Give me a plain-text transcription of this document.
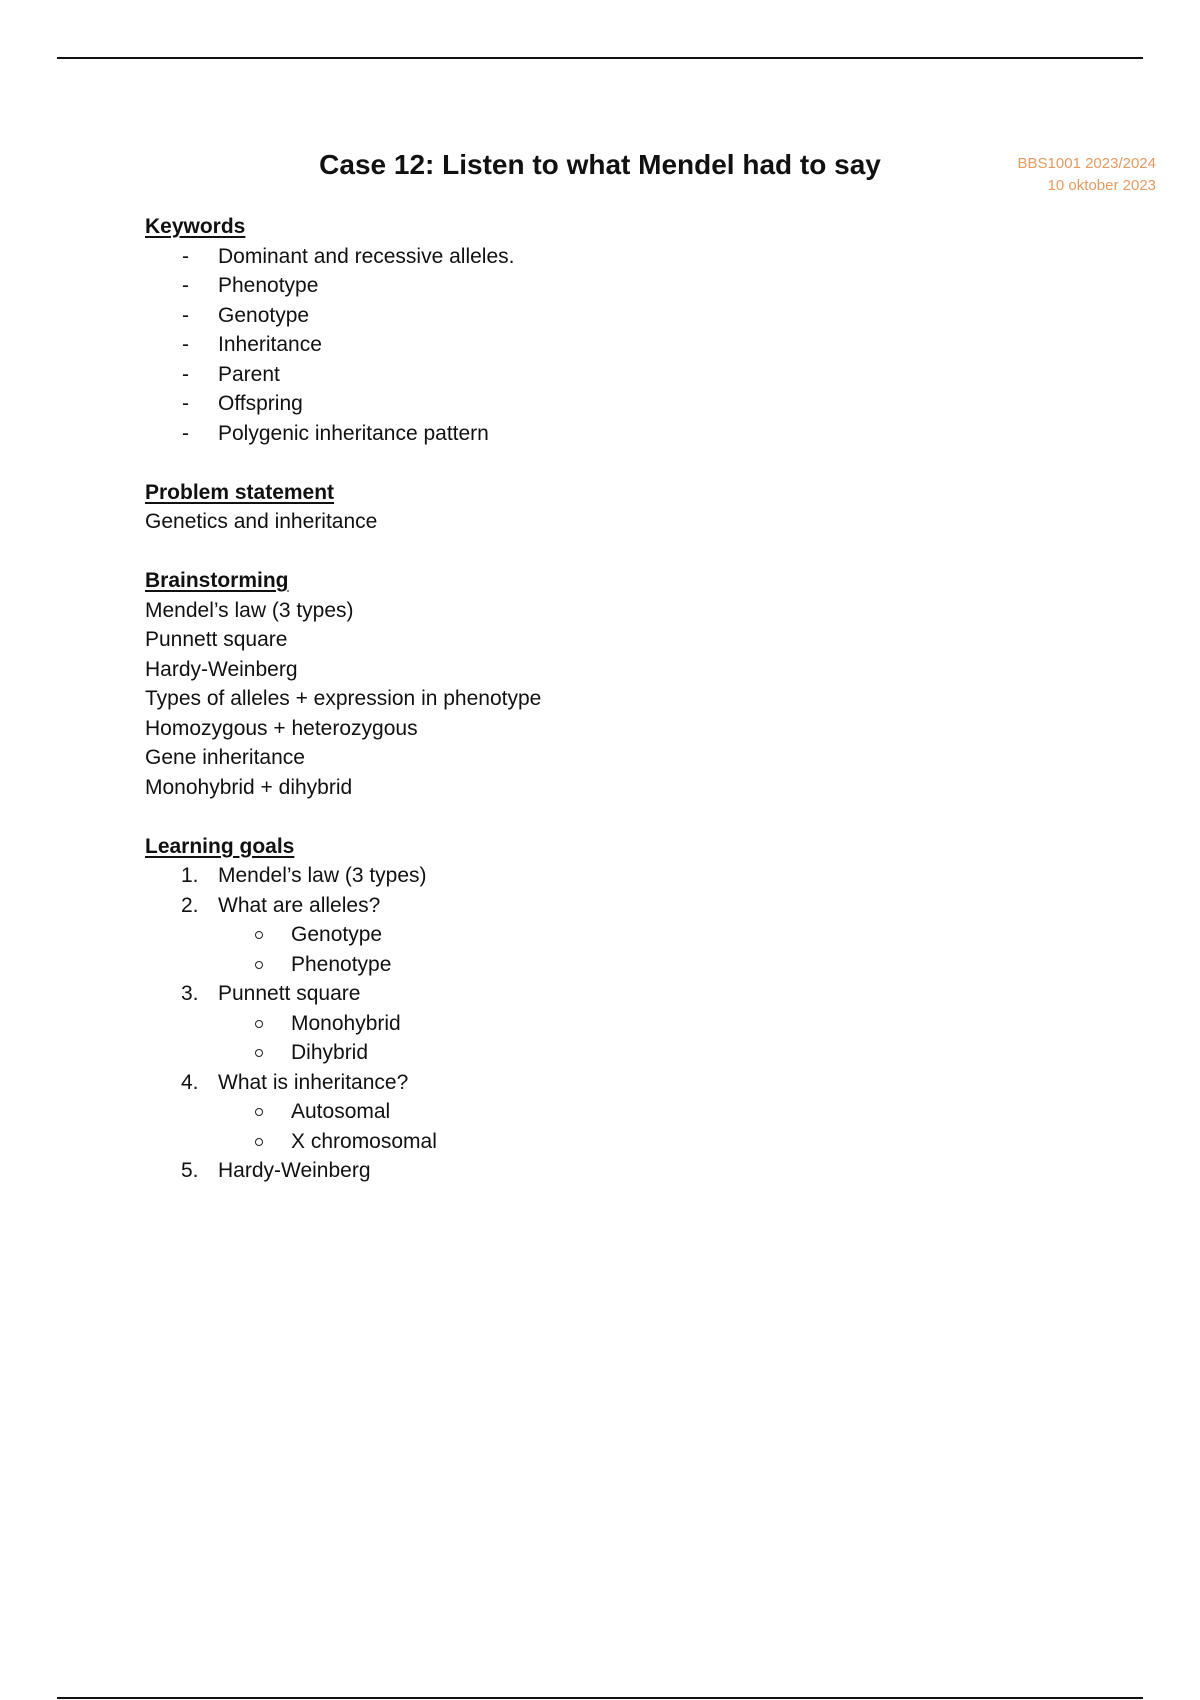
BBS1001 2023/2024
10 oktober 2023
Case 12: Listen to what Mendel had to say
Keywords
- Dominant and recessive alleles.
- Phenotype
- Genotype
- Inheritance
- Parent
- Offspring
- Polygenic inheritance pattern
Problem statement
Genetics and inheritance
Brainstorming
Mendel’s law (3 types)
Punnett square
Hardy-Weinberg
Types of alleles + expression in phenotype
Homozygous + heterozygous
Gene inheritance
Monohybrid + dihybrid
Learning goals
1. Mendel’s law (3 types)
2. What are alleles?
Genotype
Phenotype
3. Punnett square
Monohybrid
Dihybrid
4. What is inheritance?
Autosomal
X chromosomal
5. Hardy-Weinberg
